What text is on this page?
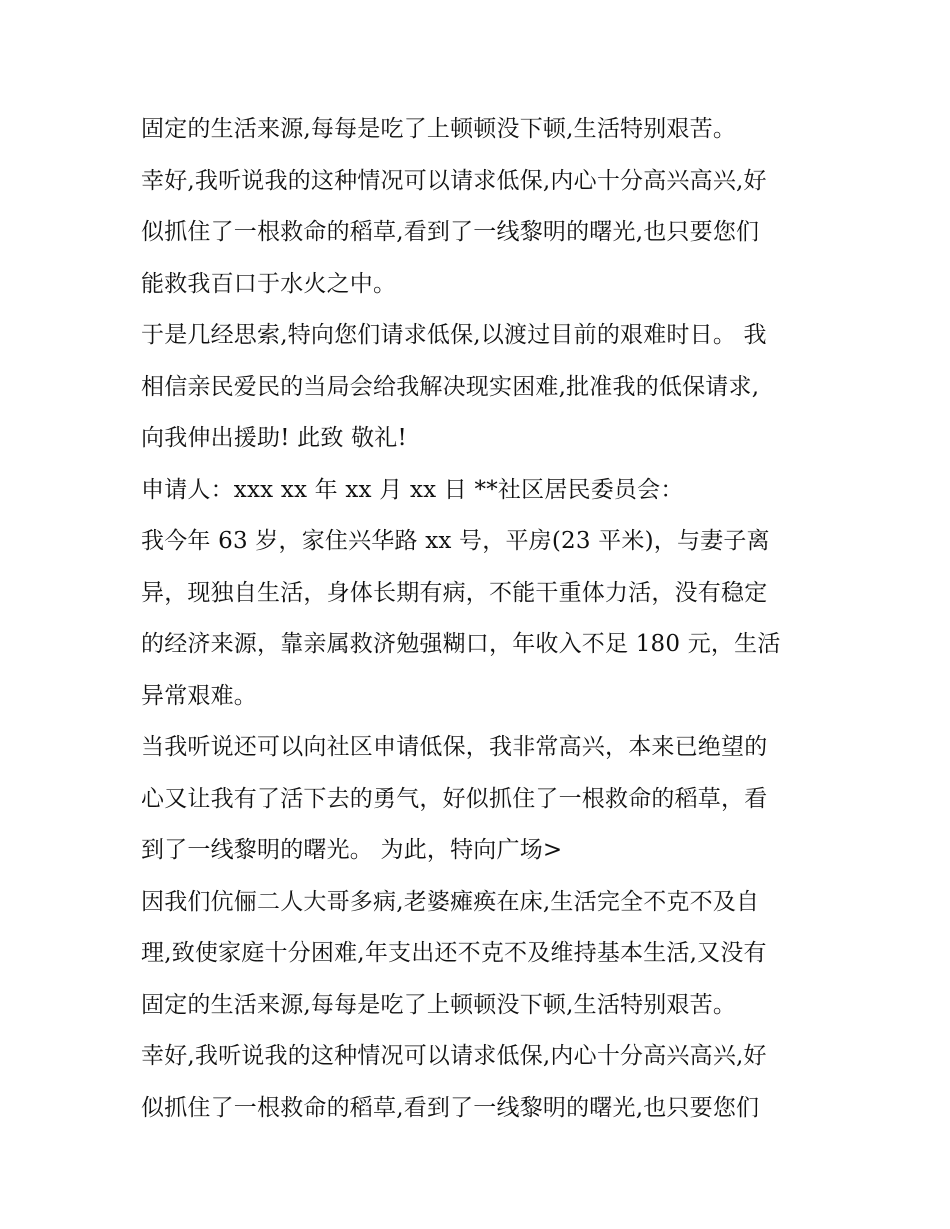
固定的生活来源,每每是吃了上顿顿没下顿,生活特别艰苦。
幸好,我听说我的这种情况可以请求低保,内心十分高兴高兴,好
似抓住了一根救命的稻草,看到了一线黎明的曙光,也只要您们
能救我百口于水火之中。
于是几经思索,特向您们请求低保,以渡过目前的艰难时日。 我
相信亲民爱民的当局会给我解决现实困难,批准我的低保请求,
向我伸出援助! 此致 敬礼!
申请人：xxx xx 年 xx 月 xx 日 **社区居民委员会：
我今年 63 岁，家住兴华路 xx 号，平房(23 平米)，与妻子离
异，现独自生活，身体长期有病，不能干重体力活，没有稳定
的经济来源，靠亲属救济勉强糊口，年收入不足 180 元，生活
异常艰难。
当我听说还可以向社区申请低保，我非常高兴，本来已绝望的
心又让我有了活下去的勇气，好似抓住了一根救命的稻草，看
到了一线黎明的曙光。 为此，特向广场>
因我们伉俪二人大哥多病,老婆瘫痪在床,生活完全不克不及自
理,致使家庭十分困难,年支出还不克不及维持基本生活,又没有
固定的生活来源,每每是吃了上顿顿没下顿,生活特别艰苦。
幸好,我听说我的这种情况可以请求低保,内心十分高兴高兴,好
似抓住了一根救命的稻草,看到了一线黎明的曙光,也只要您们
